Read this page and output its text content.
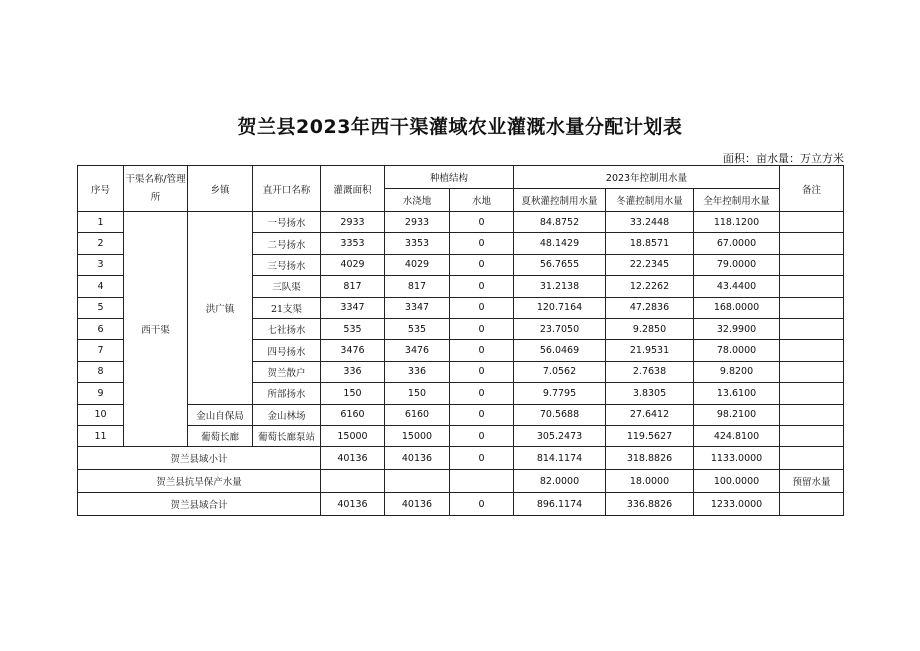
贺兰县2023年西干渠灌域农业灌溉水量分配计划表
面积：亩水量：万立方米
序号	干渠名称/管理所	乡镇	直开口名称	灌溉面积	种植结构		2023年控制用水量			备注
					水浇地	水地	夏秋灌控制用水量	冬灌控制用水量	全年控制用水量	
1	西干渠	洪广镇	一号扬水	2933	2933	0	84.8752	33.2448	118.1200	
2			二号扬水	3353	3353	0	48.1429	18.8571	67.0000	
3			三号扬水	4029	4029	0	56.7655	22.2345	79.0000	
4			三队渠	817	817	0	31.2138	12.2262	43.4400	
5			21支渠	3347	3347	0	120.7164	47.2836	168.0000	
6			七社扬水	535	535	0	23.7050	9.2850	32.9900	
7			四号扬水	3476	3476	0	56.0469	21.9531	78.0000	
8			贺兰散户	336	336	0	7.0562	2.7638	9.8200	
9			所部扬水	150	150	0	9.7795	3.8305	13.6100	
10		金山自保局	金山林场	6160	6160	0	70.5688	27.6412	98.2100	
11		葡萄长廊	葡萄长廊泵站	15000	15000	0	305.2473	119.5627	424.8100	
贺兰县域小计				40136	40136	0	814.1174	318.8826	1133.0000	
贺兰县抗旱保产水量							82.0000	18.0000	100.0000	预留水量
贺兰县域合计				40136	40136	0	896.1174	336.8826	1233.0000	
